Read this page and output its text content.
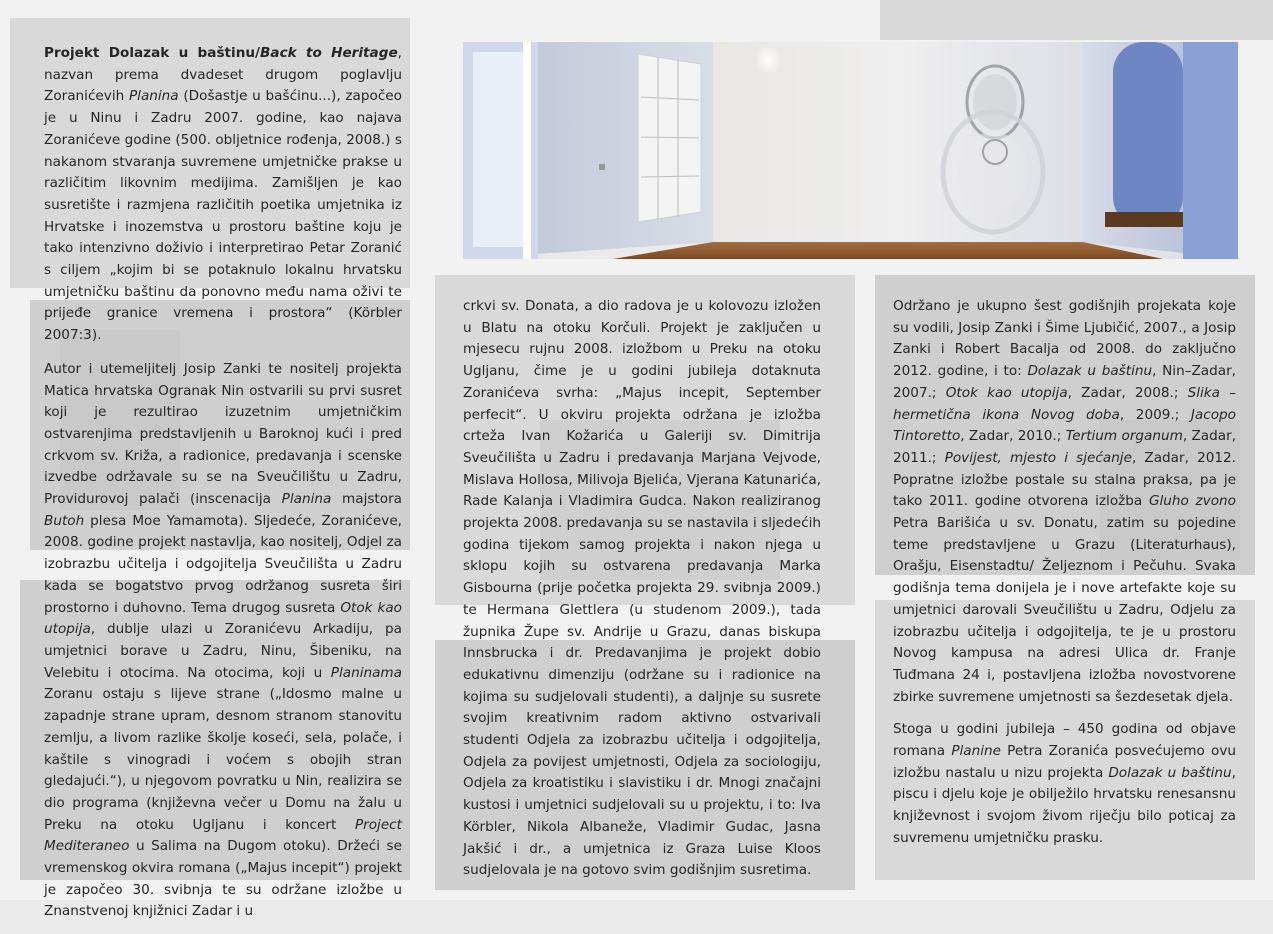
Projekt Dolazak u baštinu/Back to Heritage, nazvan prema dvadeset drugom poglavlju Zoranićevih Planina (Došastje u bašćinu...), započeo je u Ninu i Zadru 2007. godine, kao najava Zoranićeve godine (500. obljetnice rođenja, 2008.) s nakanom stvaranja suvremene umjetničke prakse u različitim likovnim medijima. Zamišljen je kao susretište i razmjena različitih poetika umjetnika iz Hrvatske i inozemstva u prostoru baštine koju je tako intenzivno doživio i interpretirao Petar Zoranić s ciljem „kojim bi se potaknulo lokalnu hrvatsku umjetničku baštinu da ponovno među nama oživi te prijeđe granice vremena i prostora“ (Körbler 2007:3).

Autor i utemeljitelj Josip Zanki te nositelj projekta Matica hrvatska Ogranak Nin ostvarili su prvi susret koji je rezultirao izuzetnim umjetničkim ostvarenjima predstavljenih u Baroknoj kući i pred crkvom sv. Križa, a radionice, predavanja i scenske izvedbe održavale su se na Sveučilištu u Zadru, Providurovoj palači (inscenacija Planina majstora Butoh plesa Moe Yamamota). Sljedeće, Zoranićeve, 2008. godine projekt nastavlja, kao nositelj, Odjel za izobrazbu učitelja i odgojitelja Sveučilišta u Zadru kada se bogatstvo prvog održanog susreta širi prostorno i duhovno. Tema drugog susreta Otok kao utopija, dublje ulazi u Zoranićevu Arkadiju, pa umjetnici borave u Zadru, Ninu, Šibeniku, na Velebitu i otocima. Na otocima, koji u Planinama Zoranu ostaju s lijeve strane („Idosmo malne u zapadnje strane upram, desnom stranom stanovitu zemlju, a livom razlike školje koseći, sela, polače, i kaštile s vinogradi i voćem s obojih stran gledajući.“), u njegovom povratku u Nin, realizira se dio programa (književna večer u Domu na žalu u Preku na otoku Ugljanu i koncert Project Mediteraneo u Salima na Dugom otoku). Držeći se vremenskog okvira romana („Majus incepit“) projekt je započeo 30. svibnja te su održane izložbe u Znanstvenoj knjižnici Zadar i u

crkvi sv. Donata, a dio radova je u kolovozu izložen u Blatu na otoku Korčuli. Projekt je zaključen u mjesecu rujnu 2008. izložbom u Preku na otoku Ugljanu, čime je u godini jubileja dotaknuta Zoranićeva svrha: „Majus incepit, September perfecit“. U okviru projekta održana je izložba crteža Ivan Kožarića u Galeriji sv. Dimitrija Sveučilišta u Zadru i predavanja Marjana Vejvode, Mislava Hollosa, Milivoja Bjelića, Vjerana Katunarića, Rade Kalanja i Vladimira Gudca. Nakon realiziranog projekta 2008. predavanja su se nastavila i sljedećih godina tijekom samog projekta i nakon njega u sklopu kojih su ostvarena predavanja Marka Gisbourna (prije početka projekta 29. svibnja 2009.) te Hermana Glettlera (u studenom 2009.), tada župnika Župe sv. Andrije u Grazu, danas biskupa Innsbrucka i dr. Predavanjima je projekt dobio edukativnu dimenziju (održane su i radionice na kojima su sudjelovali studenti), a daljnje su susrete svojim kreativnim radom aktivno ostvarivali studenti Odjela za izobrazbu učitelja i odgojitelja, Odjela za povijest umjetnosti, Odjela za sociologiju, Odjela za kroatistiku i slavistiku i dr. Mnogi značajni kustosi i umjetnici sudjelovali su u projektu, i to: Iva Körbler, Nikola Albaneže, Vladimir Gudac, Jasna Jakšić i dr., a umjetnica iz Graza Luise Kloos sudjelovala je na gotovo svim godišnjim susretima.

Održano je ukupno šest godišnjih projekata koje su vodili, Josip Zanki i Šime Ljubičić, 2007., a Josip Zanki i Robert Bacalja od 2008. do zaključno 2012. godine, i to: Dolazak u baštinu, Nin–Zadar, 2007.; Otok kao utopija, Zadar, 2008.; Slika – hermetična ikona Novog doba, 2009.; Jacopo Tintoretto, Zadar, 2010.; Tertium organum, Zadar, 2011.; Povijest, mjesto i sjećanje, Zadar, 2012. Popratne izložbe postale su stalna praksa, pa je tako 2011. godine otvorena izložba Gluho zvono Petra Barišića u sv. Donatu, zatim su pojedine teme predstavljene u Grazu (Literaturhaus), Orašju, Eisenstadtu/ Željeznom i Pečuhu. Svaka godišnja tema donijela je i nove artefakte koje su umjetnici darovali Sveučilištu u Zadru, Odjelu za izobrazbu učitelja i odgojitelja, te je u prostoru Novog kampusa na adresi Ulica dr. Franje Tuđmana 24 i, postavljena izložba novostvorene zbirke suvremene umjetnosti sa šezdesetak djela.

Stoga u godini jubileja – 450 godina od objave romana Planine Petra Zoranića posvećujemo ovu izložbu nastalu u nizu projekta Dolazak u baštinu, piscu i djelu koje je obilježilo hrvatsku renesansnu književnost i svojom živom riječju bilo poticaj za suvremenu umjetničku prasku.
